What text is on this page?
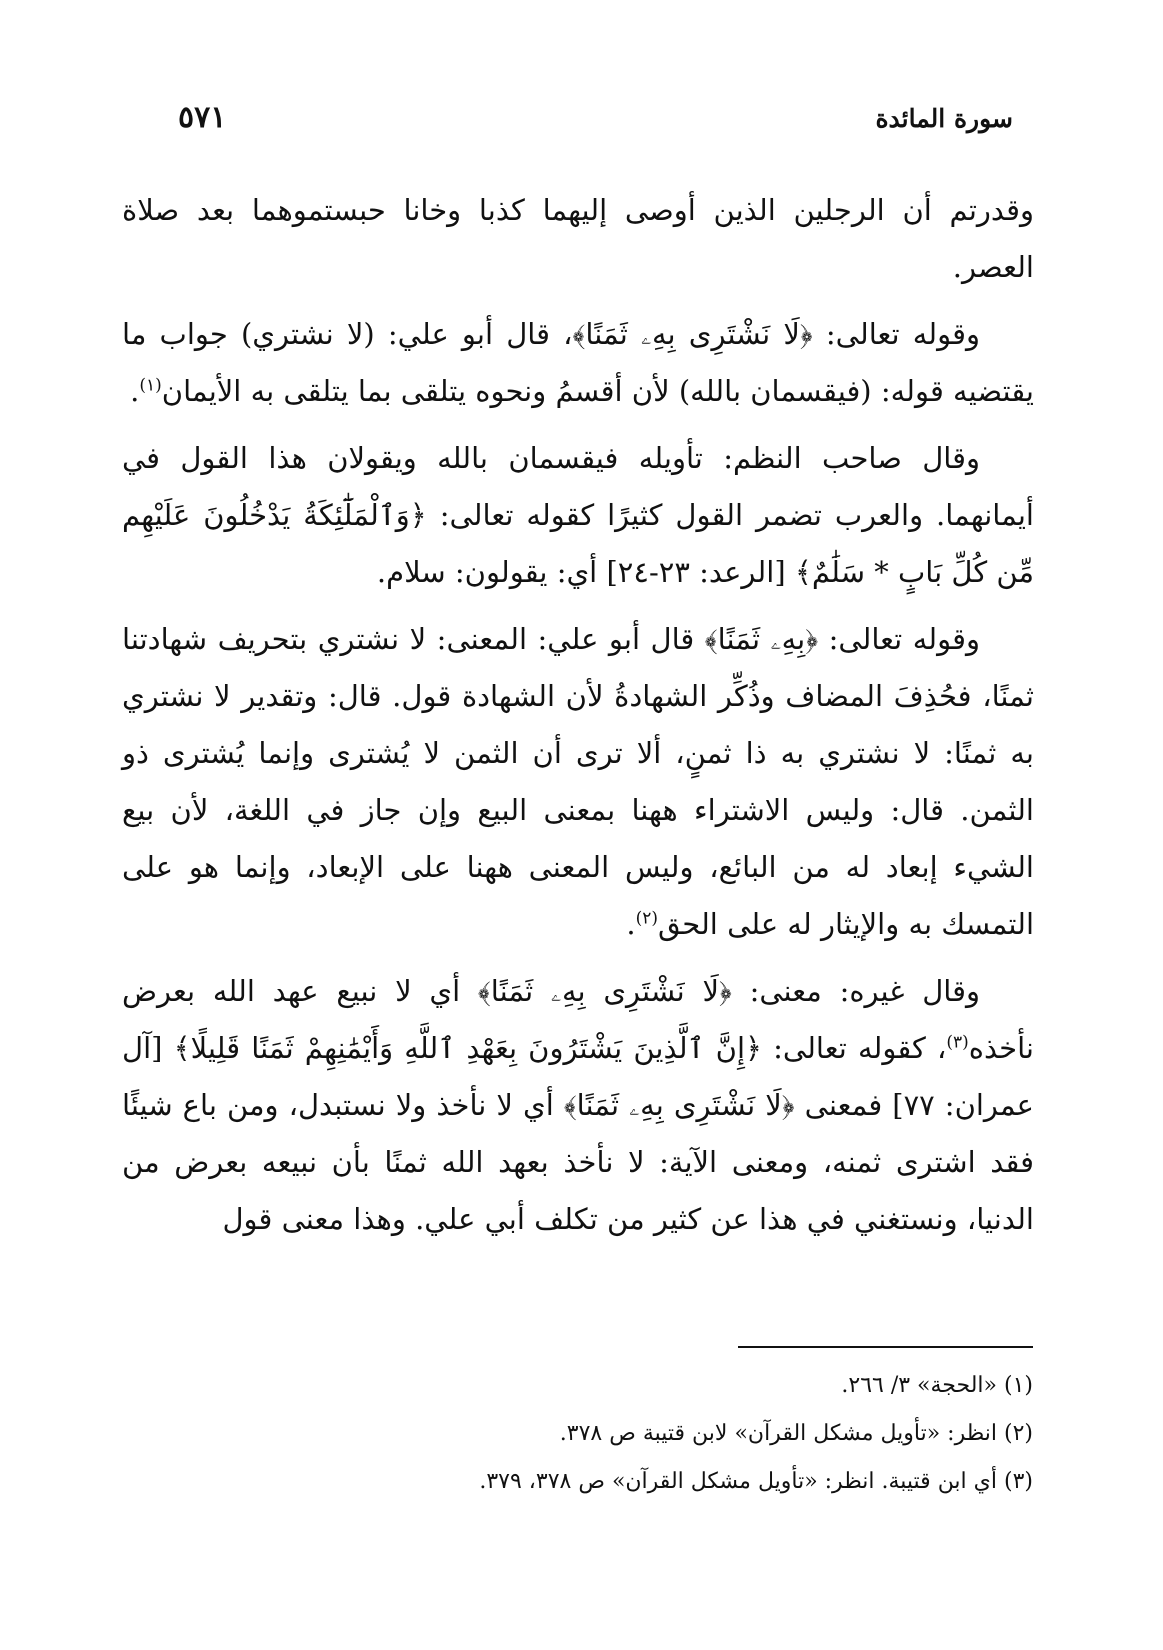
سورة المائدة
٥٧١

وقدرتم أن الرجلين الذين أوصى إليهما كذبا وخانا حبستموهما بعد صلاة العصر.

وقوله تعالى: ﴿لَا نَشْتَرِى بِهِۦ ثَمَنًا﴾، قال أبو علي: (لا نشتري) جواب ما يقتضيه قوله: (فيقسمان بالله) لأن أقسمُ ونحوه يتلقى بما يتلقى به الأيمان$^{(١)}$.

وقال صاحب النظم: تأويله فيقسمان بالله ويقولان هذا القول في أيمانهما. والعرب تضمر القول كثيرًا كقوله تعالى: ﴿وَٱلْمَلَٰٓئِكَةُ يَدْخُلُونَ عَلَيْهِم مِّن كُلِّ بَابٍ * سَلَٰمٌ﴾ [الرعد: ٢٣-٢٤] أي: يقولون: سلام.

وقوله تعالى: ﴿بِهِۦ ثَمَنًا﴾ قال أبو علي: المعنى: لا نشتري بتحريف شهادتنا ثمنًا، فحُذِفَ المضاف وذُكِّر الشهادةُ لأن الشهادة قول. قال: وتقدير لا نشتري به ثمنًا: لا نشتري به ذا ثمنٍ، ألا ترى أن الثمن لا يُشترى وإنما يُشترى ذو الثمن. قال: وليس الاشتراء ههنا بمعنى البيع وإن جاز في اللغة، لأن بيع الشيء إبعاد له من البائع، وليس المعنى ههنا على الإبعاد، وإنما هو على التمسك به والإيثار له على الحق$^{(٢)}$.

وقال غيره: معنى: ﴿لَا نَشْتَرِى بِهِۦ ثَمَنًا﴾ أي لا نبيع عهد الله بعرض نأخذه$^{(٣)}$، كقوله تعالى: ﴿إِنَّ ٱلَّذِينَ يَشْتَرُونَ بِعَهْدِ ٱللَّهِ وَأَيْمَٰنِهِمْ ثَمَنًا قَلِيلًا﴾ [آل عمران: ٧٧] فمعنى ﴿لَا نَشْتَرِى بِهِۦ ثَمَنًا﴾ أي لا نأخذ ولا نستبدل، ومن باع شيئًا فقد اشترى ثمنه، ومعنى الآية: لا نأخذ بعهد الله ثمنًا بأن نبيعه بعرض من الدنيا، ونستغني في هذا عن كثير من تكلف أبي علي. وهذا معنى قول

(١) «الحجة» ٣/ ٢٦٦.
(٢) انظر: «تأويل مشكل القرآن» لابن قتيبة ص ٣٧٨.
(٣) أي ابن قتيبة. انظر: «تأويل مشكل القرآن» ص ٣٧٨، ٣٧٩.
